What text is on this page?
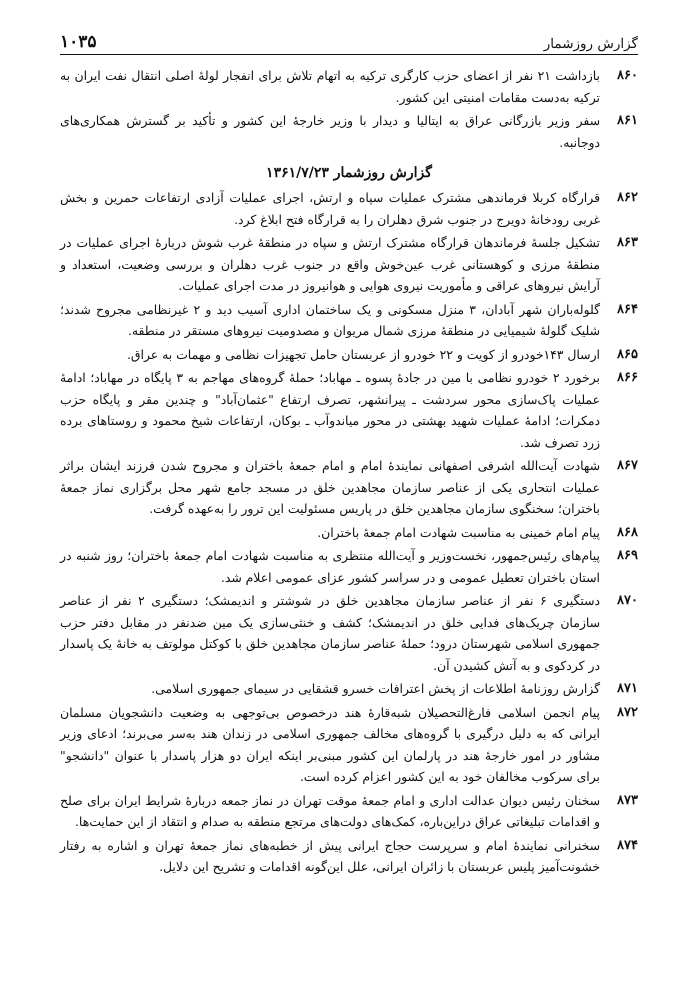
گزارش روزشمار
۱۰۳۵
۸۶۰
بازداشت ۲۱ نفر از اعضای حزب کارگری ترکیه به اتهام تلاش برای انفجار لولهٔ اصلی انتقال نفت ایران به ترکیه به‌دست مقامات امنیتی این کشور.
۸۶۱
سفر وزیر بازرگانی عراق به ایتالیا و دیدار با وزیر خارجهٔ این کشور و تأکید بر گسترش همکاری‌های دوجانبه.
گزارش روزشمار ۱۳۶۱/۷/۲۳
۸۶۲
قرارگاه کربلا فرماندهی مشترک عملیات سپاه و ارتش، اجرای عملیات آزادی ارتفاعات حمرین و بخش غربی رودخانهٔ دویرج در جنوب شرق دهلران را به قرارگاه فتح ابلاغ کرد.
۸۶۳
تشکیل جلسهٔ فرماندهان قرارگاه مشترک ارتش و سپاه در منطقهٔ غرب شوش دربارهٔ اجرای عملیات در منطقهٔ مرزی و کوهستانی غرب عین‌خوش واقع در جنوب غرب دهلران و بررسی وضعیت، استعداد و آرایش نیروهای عراقی و مأموریت نیروی هوایی و هوانیروز در مدت اجرای عملیات.
۸۶۴
گلوله‌باران شهر آبادان، ۳ منزل مسکونی و یک ساختمان اداری آسیب دید و ۲ غیرنظامی مجروح شدند؛ شلیک گلولهٔ شیمیایی در منطقهٔ مرزی شمال مریوان و مصدومیت نیروهای مستقر در منطقه.
۸۶۵
ارسال ۱۴۳خودرو از کویت و ۲۲ خودرو از عربستان حامل تجهیزات نظامی و مهمات به عراق.
۸۶۶
برخورد ۲ خودرو نظامی با مین در جادهٔ پسوه ـ مهاباد؛ حملهٔ گروه‌های مهاجم به ۳ پایگاه در مهاباد؛ ادامهٔ عملیات پاک‌سازی محور سردشت ـ پیرانشهر، تصرف ارتفاع "عثمان‌آباد" و چندین مقر و پایگاه حزب دمکرات؛ ادامهٔ عملیات شهید بهشتی در محور میاندوآب ـ بوکان، ارتفاعات شیخ محمود و روستاهای برده زرد تصرف شد.
۸۶۷
شهادت آیت‌الله اشرفی اصفهانی نمایندهٔ امام و امام جمعهٔ باختران و مجروح شدن فرزند ایشان براثر عملیات انتحاری یکی از عناصر سازمان مجاهدین خلق در مسجد جامع شهر محل برگزاری نماز جمعهٔ باختران؛ سخنگوی سازمان مجاهدین خلق در پاریس مسئولیت این ترور را به‌عهده گرفت.
۸۶۸
پیام امام خمینی به مناسبت شهادت امام جمعهٔ باختران.
۸۶۹
پیام‌های رئیس‌جمهور، نخست‌وزیر و آیت‌الله منتظری به مناسبت شهادت امام جمعهٔ باختران؛ روز شنبه در استان باختران تعطیل عمومی و در سراسر کشور عزای عمومی اعلام شد.
۸۷۰
دستگیری ۶ نفر از عناصر سازمان مجاهدین خلق در شوشتر و اندیمشک؛ دستگیری ۲ نفر از عناصر سازمان چریک‌های فدایی خلق در اندیمشک؛ کشف و خنثی‌سازی یک مین ضدنفر در مقابل دفتر حزب جمهوری اسلامی شهرستان درود؛ حملهٔ عناصر سازمان مجاهدین خلق با کوکتل مولوتف به خانهٔ یک پاسدار در کردکوی و به آتش کشیدن آن.
۸۷۱
گزارش روزنامهٔ اطلاعات از پخش اعترافات خسرو قشقایی در سیمای جمهوری اسلامی.
۸۷۲
پیام انجمن اسلامی فارغ‌التحصیلان شبه‌قارهٔ هند درخصوص بی‌توجهی به وضعیت دانشجویان مسلمان ایرانی که به دلیل درگیری با گروه‌های مخالف جمهوری اسلامی در زندان هند به‌سر می‌برند؛ ادعای وزیر مشاور در امور خارجهٔ هند در پارلمان این کشور مبنی‌بر اینکه ایران دو هزار پاسدار با عنوان "دانشجو" برای سرکوب مخالفان خود به این کشور اعزام کرده است.
۸۷۳
سخنان رئیس دیوان عدالت اداری و امام جمعهٔ موقت تهران در نماز جمعه دربارهٔ شرایط ایران برای صلح و اقدامات تبلیغاتی عراق دراین‌باره، کمک‌های دولت‌های مرتجع منطقه به صدام و انتقاد از این حمایت‌ها.
۸۷۴
سخنرانی نمایندهٔ امام و سرپرست حجاج ایرانی پیش از خطبه‌های نماز جمعهٔ تهران و اشاره به رفتار خشونت‌آمیز پلیس عربستان با زائران ایرانی، علل این‌گونه اقدامات و تشریح این دلایل.
